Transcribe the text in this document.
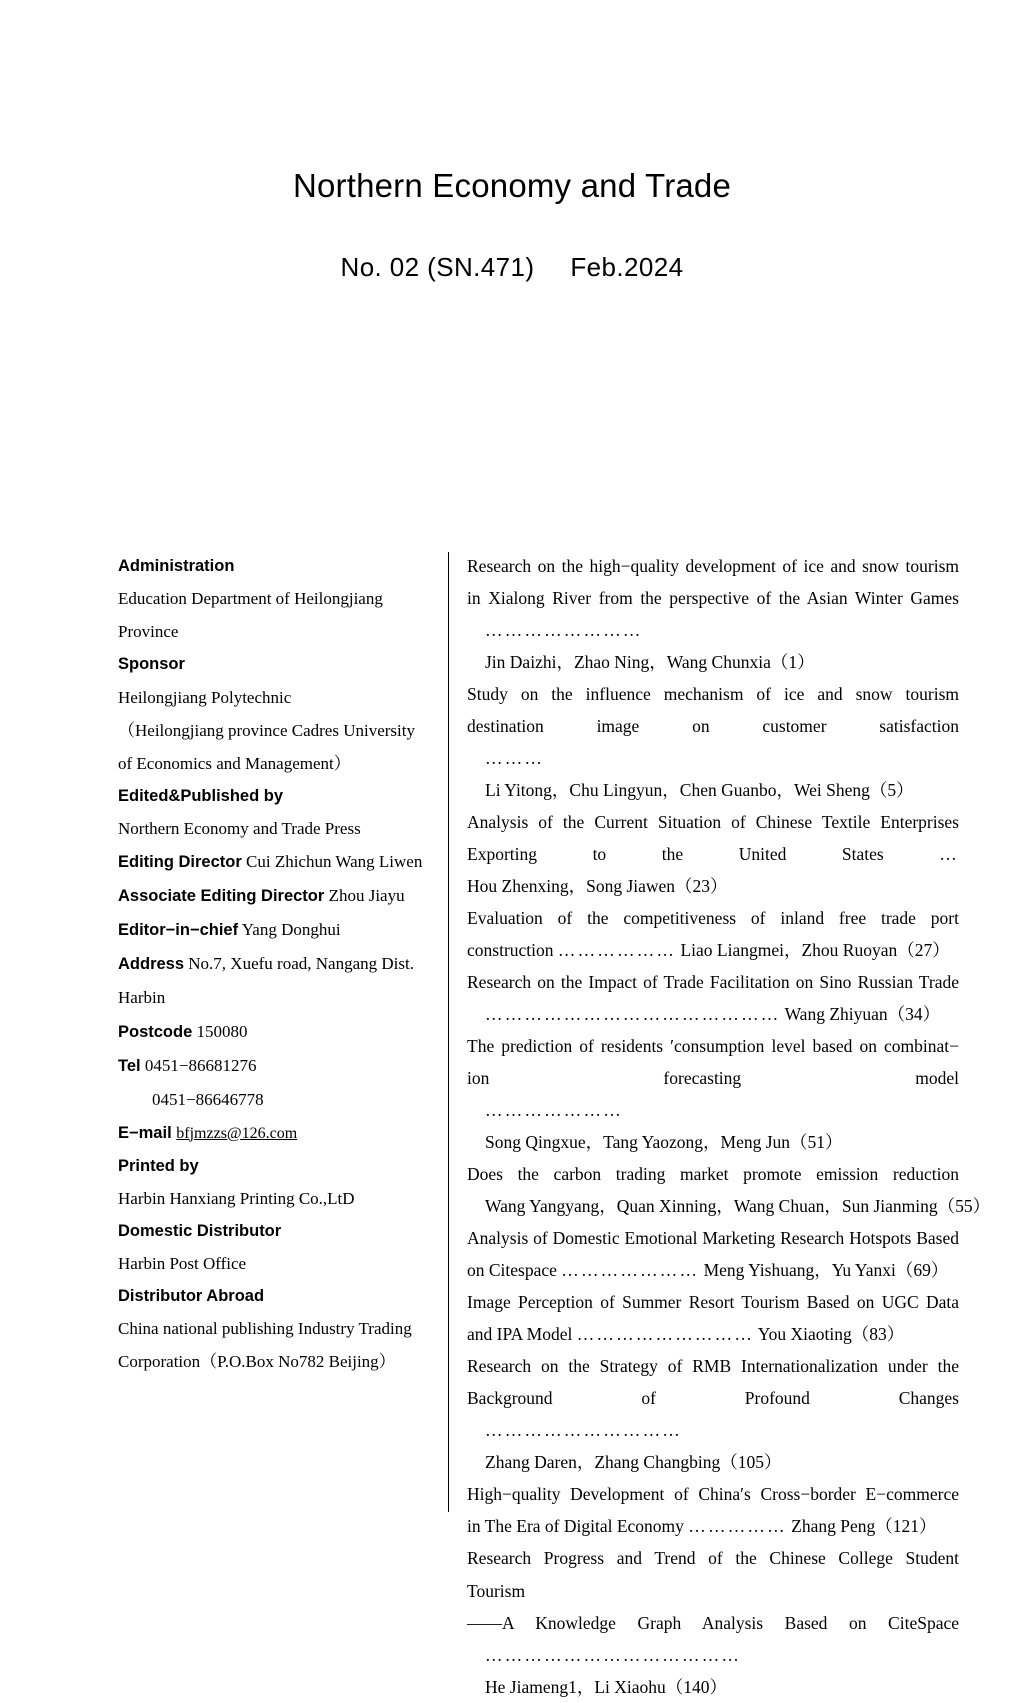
Northern Economy and Trade
No. 02 (SN.471) Feb.2024
Administration
Education Department of Heilongjiang
Province
Sponsor
Heilongjiang Polytechnic
（Heilongjiang province Cadres University
of Economics and Management）
Edited&Published by
Northern Economy and Trade Press
Editing Director Cui Zhichun Wang Liwen
Associate Editing Director Zhou Jiayu
Editor−in−chief Yang Donghui
Address No.7, Xuefu road, Nangang Dist.
Harbin
Postcode 150080
Tel 0451−86681276
0451−86646778
E−mail bfjmzzs@126.com
Printed by
Harbin Hanxiang Printing Co.,LtD
Domestic Distributor
Harbin Post Office
Distributor Abroad
China national publishing Industry Trading
Corporation（P.O.Box No782 Beijing）
Research on the high−quality development of ice and snow tourism
in Xialong River from the perspective of the Asian Winter Games
…………………… Jin Daizhi，Zhao Ning，Wang Chunxia（1）
Study on the influence mechanism of ice and snow tourism
destination image on customer satisfaction
……… Li Yitong，Chu Lingyun，Chen Guanbo，Wei Sheng（5）
Analysis of the Current Situation of Chinese Textile Enterprises
Exporting to the United States	… Hou Zhenxing，Song Jiawen（23）
Evaluation of the competitiveness of inland free trade port
construction ……………… Liao Liangmei，Zhou Ruoyan（27）
Research on the Impact of Trade Facilitation on Sino Russian Trade
……………………………………… Wang Zhiyuan（34）
The prediction of residents ′consumption level based on combinat−
ion forecasting model
………………… Song Qingxue，Tang Yaozong，Meng Jun（51）
Does the carbon trading market promote emission reduction
Wang Yangyang，Quan Xinning，Wang Chuan，Sun Jianming（55）
Analysis of Domestic Emotional Marketing Research Hotspots Based
on Citespace ………………… Meng Yishuang，Yu Yanxi（69）
Image Perception of Summer Resort Tourism Based on UGC Data
and IPA Model ……………………… You Xiaoting（83）
Research on the Strategy of RMB Internationalization under the
Background of Profound Changes
………………………… Zhang Daren，Zhang Changbing（105）
High−quality Development of China′s Cross−border E−commerce
in The Era of Digital Economy …………… Zhang Peng（121）
Research Progress and Trend of the Chinese College Student
Tourism
——A Knowledge Graph Analysis Based on CiteSpace
………………………………… He Jiameng1，Li Xiaohu（140）
